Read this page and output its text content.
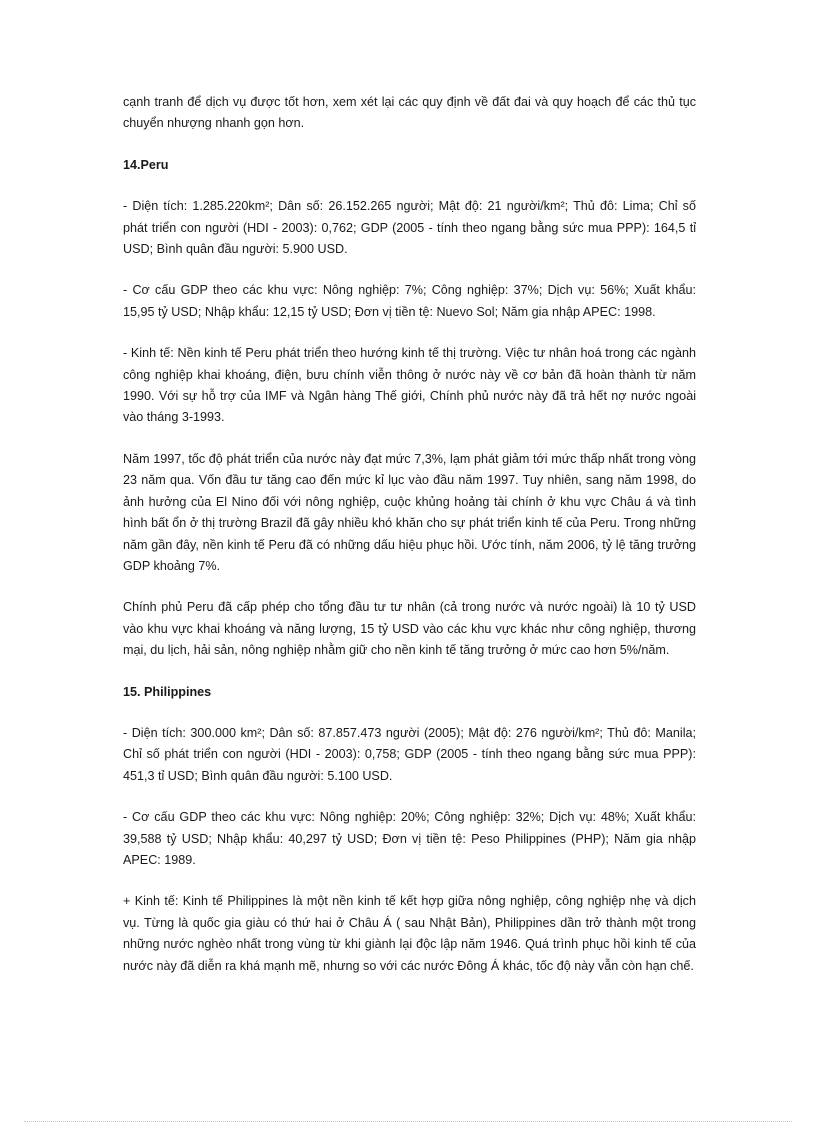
cạnh tranh để dịch vụ được tốt hơn, xem xét lại các quy định về đất đai và quy hoạch để các thủ tục chuyển nhượng nhanh gọn hơn.

14.Peru

- Diện tích: 1.285.220km²; Dân số: 26.152.265 người; Mật độ: 21 người/km²; Thủ đô: Lima; Chỉ số phát triển con người (HDI - 2003): 0,762; GDP (2005 - tính theo ngang bằng sức mua PPP): 164,5 tỉ USD; Bình quân đầu người: 5.900 USD.

- Cơ cấu GDP theo các khu vực: Nông nghiệp: 7%; Công nghiệp: 37%; Dịch vụ: 56%; Xuất khẩu: 15,95 tỷ USD; Nhập khẩu: 12,15 tỷ USD; Đơn vị tiền tệ: Nuevo Sol; Năm gia nhập APEC: 1998.

- Kinh tế: Nền kinh tế Peru phát triển theo hướng kinh tế thị trường. Việc tư nhân hoá trong các ngành công nghiệp khai khoáng, điện, bưu chính viễn thông ở nước này về cơ bản đã hoàn thành từ năm 1990. Với sự hỗ trợ của IMF và Ngân hàng Thế giới, Chính phủ nước này đã trả hết nợ nước ngoài vào tháng 3-1993.

Năm 1997, tốc độ phát triển của nước này đạt mức 7,3%, lạm phát giảm tới mức thấp nhất trong vòng 23 năm qua. Vốn đầu tư tăng cao đến mức kỉ lục vào đầu năm 1997. Tuy nhiên, sang năm 1998, do ảnh hưởng của El Nino đối với nông nghiệp, cuộc khủng hoảng tài chính ở khu vực Châu á và tình hình bất ổn ở thị trường Brazil đã gây nhiều khó khăn cho sự phát triển kinh tế của Peru. Trong những năm gần đây, nền kinh tế Peru đã có những dấu hiệu phục hồi. Ước tính, năm 2006, tỷ lệ tăng trưởng GDP khoảng 7%.

Chính phủ Peru đã cấp phép cho tổng đầu tư tư nhân (cả trong nước và nước ngoài) là 10 tỷ USD vào khu vực khai khoáng và năng lượng, 15 tỷ USD vào các khu vực khác như công nghiệp, thương mại, du lịch, hải sản, nông nghiệp nhằm giữ cho nền kinh tế tăng trưởng ở mức cao hơn 5%/năm.

15. Philippines

- Diện tích: 300.000 km²; Dân số: 87.857.473 người (2005); Mật độ: 276 người/km²; Thủ đô: Manila; Chỉ số phát triển con người (HDI - 2003): 0,758; GDP (2005 - tính theo ngang bằng sức mua PPP): 451,3 tỉ USD; Bình quân đầu người: 5.100 USD.

- Cơ cấu GDP theo các khu vực: Nông nghiệp: 20%; Công nghiệp: 32%; Dịch vụ: 48%; Xuất khẩu: 39,588 tỷ USD; Nhập khẩu: 40,297 tỷ USD; Đơn vị tiền tệ: Peso Philippines (PHP); Năm gia nhập APEC: 1989.

+ Kinh tế: Kinh tế Philippines là một nền kinh tế kết hợp giữa nông nghiệp, công nghiệp nhẹ và dịch vụ. Từng là quốc gia giàu có thứ hai ở Châu Á ( sau Nhật Bản), Philippines dần trở thành một trong những nước nghèo nhất trong vùng từ khi giành lại độc lập năm 1946. Quá trình phục hồi kinh tế của nước này đã diễn ra khá mạnh mẽ, nhưng so với các nước Đông Á khác, tốc độ này vẫn còn hạn chế.
